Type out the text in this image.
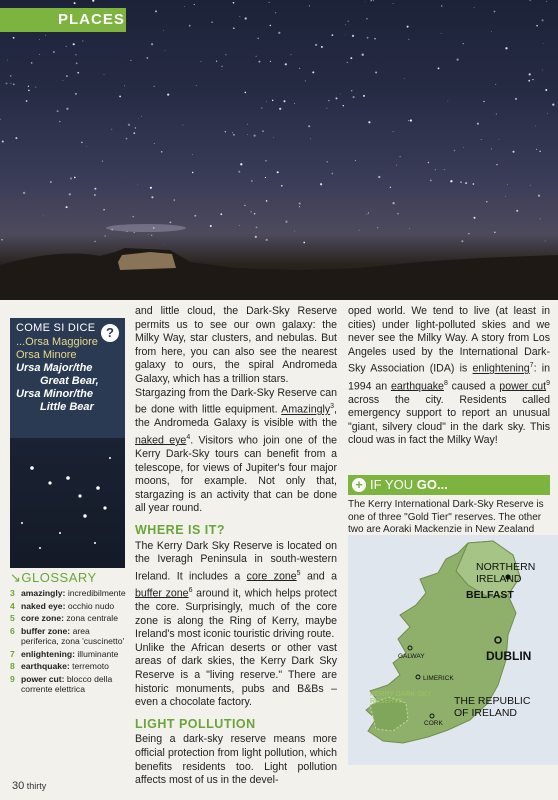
PLACES
COME SI DICE ?
...Orsa Maggiore
Orsa Minore
Ursa Major/the
Great Bear,
Ursa Minor/the
Little Bear
↘GLOSSARY
3 amazingly: incredibilmente
4 naked eye: occhio nudo
5 core zone: zona centrale
6 buffer zone: area periferica, zona 'cuscinetto'
7 enlightening: illuminante
8 earthquake: terremoto
9 power cut: blocco della corrente elettrica

and little cloud, the Dark-Sky Reserve permits us to see our own galaxy: the Milky Way, star clusters, and nebulas. But from here, you can also see the nearest galaxy to ours, the spiral Andromeda Galaxy, which has a trillion stars.

Stargazing from the Dark-Sky Reserve can be done with little equipment. Amazingly$^3$, the Andromeda Galaxy is visible with the naked eye$^4$. Visitors who join one of the Kerry Dark-Sky tours can benefit from a telescope, for views of Jupiter's four major moons, for example. Not only that, stargazing is an activity that can be done all year round.

WHERE IS IT?

The Kerry Dark Sky Reserve is located on the Iveragh Peninsula in south-western Ireland. It includes a core zone$^5$ and a buffer zone$^6$ around it, which helps protect the core. Surprisingly, much of the core zone is along the Ring of Kerry, maybe Ireland's most iconic touristic driving route.

Unlike the African deserts or other vast areas of dark skies, the Kerry Dark Sky Reserve is a "living reserve." There are historic monuments, pubs and B&Bs – even a chocolate factory.

LIGHT POLLUTION

Being a dark-sky reserve means more official protection from light pollution, which benefits residents too. Light pollution affects most of us in the devel-

oped world. We tend to live (at least in cities) under light-polluted skies and we never see the Milky Way. A story from Los Angeles used by the International Dark-Sky Association (IDA) is enlightening$^7$: in 1994 an earthquake$^8$ caused a power cut$^9$ across the city. Residents called emergency support to report an unusual "giant, silvery cloud" in the dark sky. This cloud was in fact the Milky Way!

+ IF YOU GO...
The Kerry International Dark-Sky Reserve is one of three "Gold Tier" reserves. The other two are Aoraki Mackenzie in New Zealand
NORTHERN
IRELAND
BELFAST
GALWAY	DUBLIN
LIMERICK
KERRY DARK-SKY
RESERVE
CORK
THE REPUBLIC
OF IRELAND
30 thirty
